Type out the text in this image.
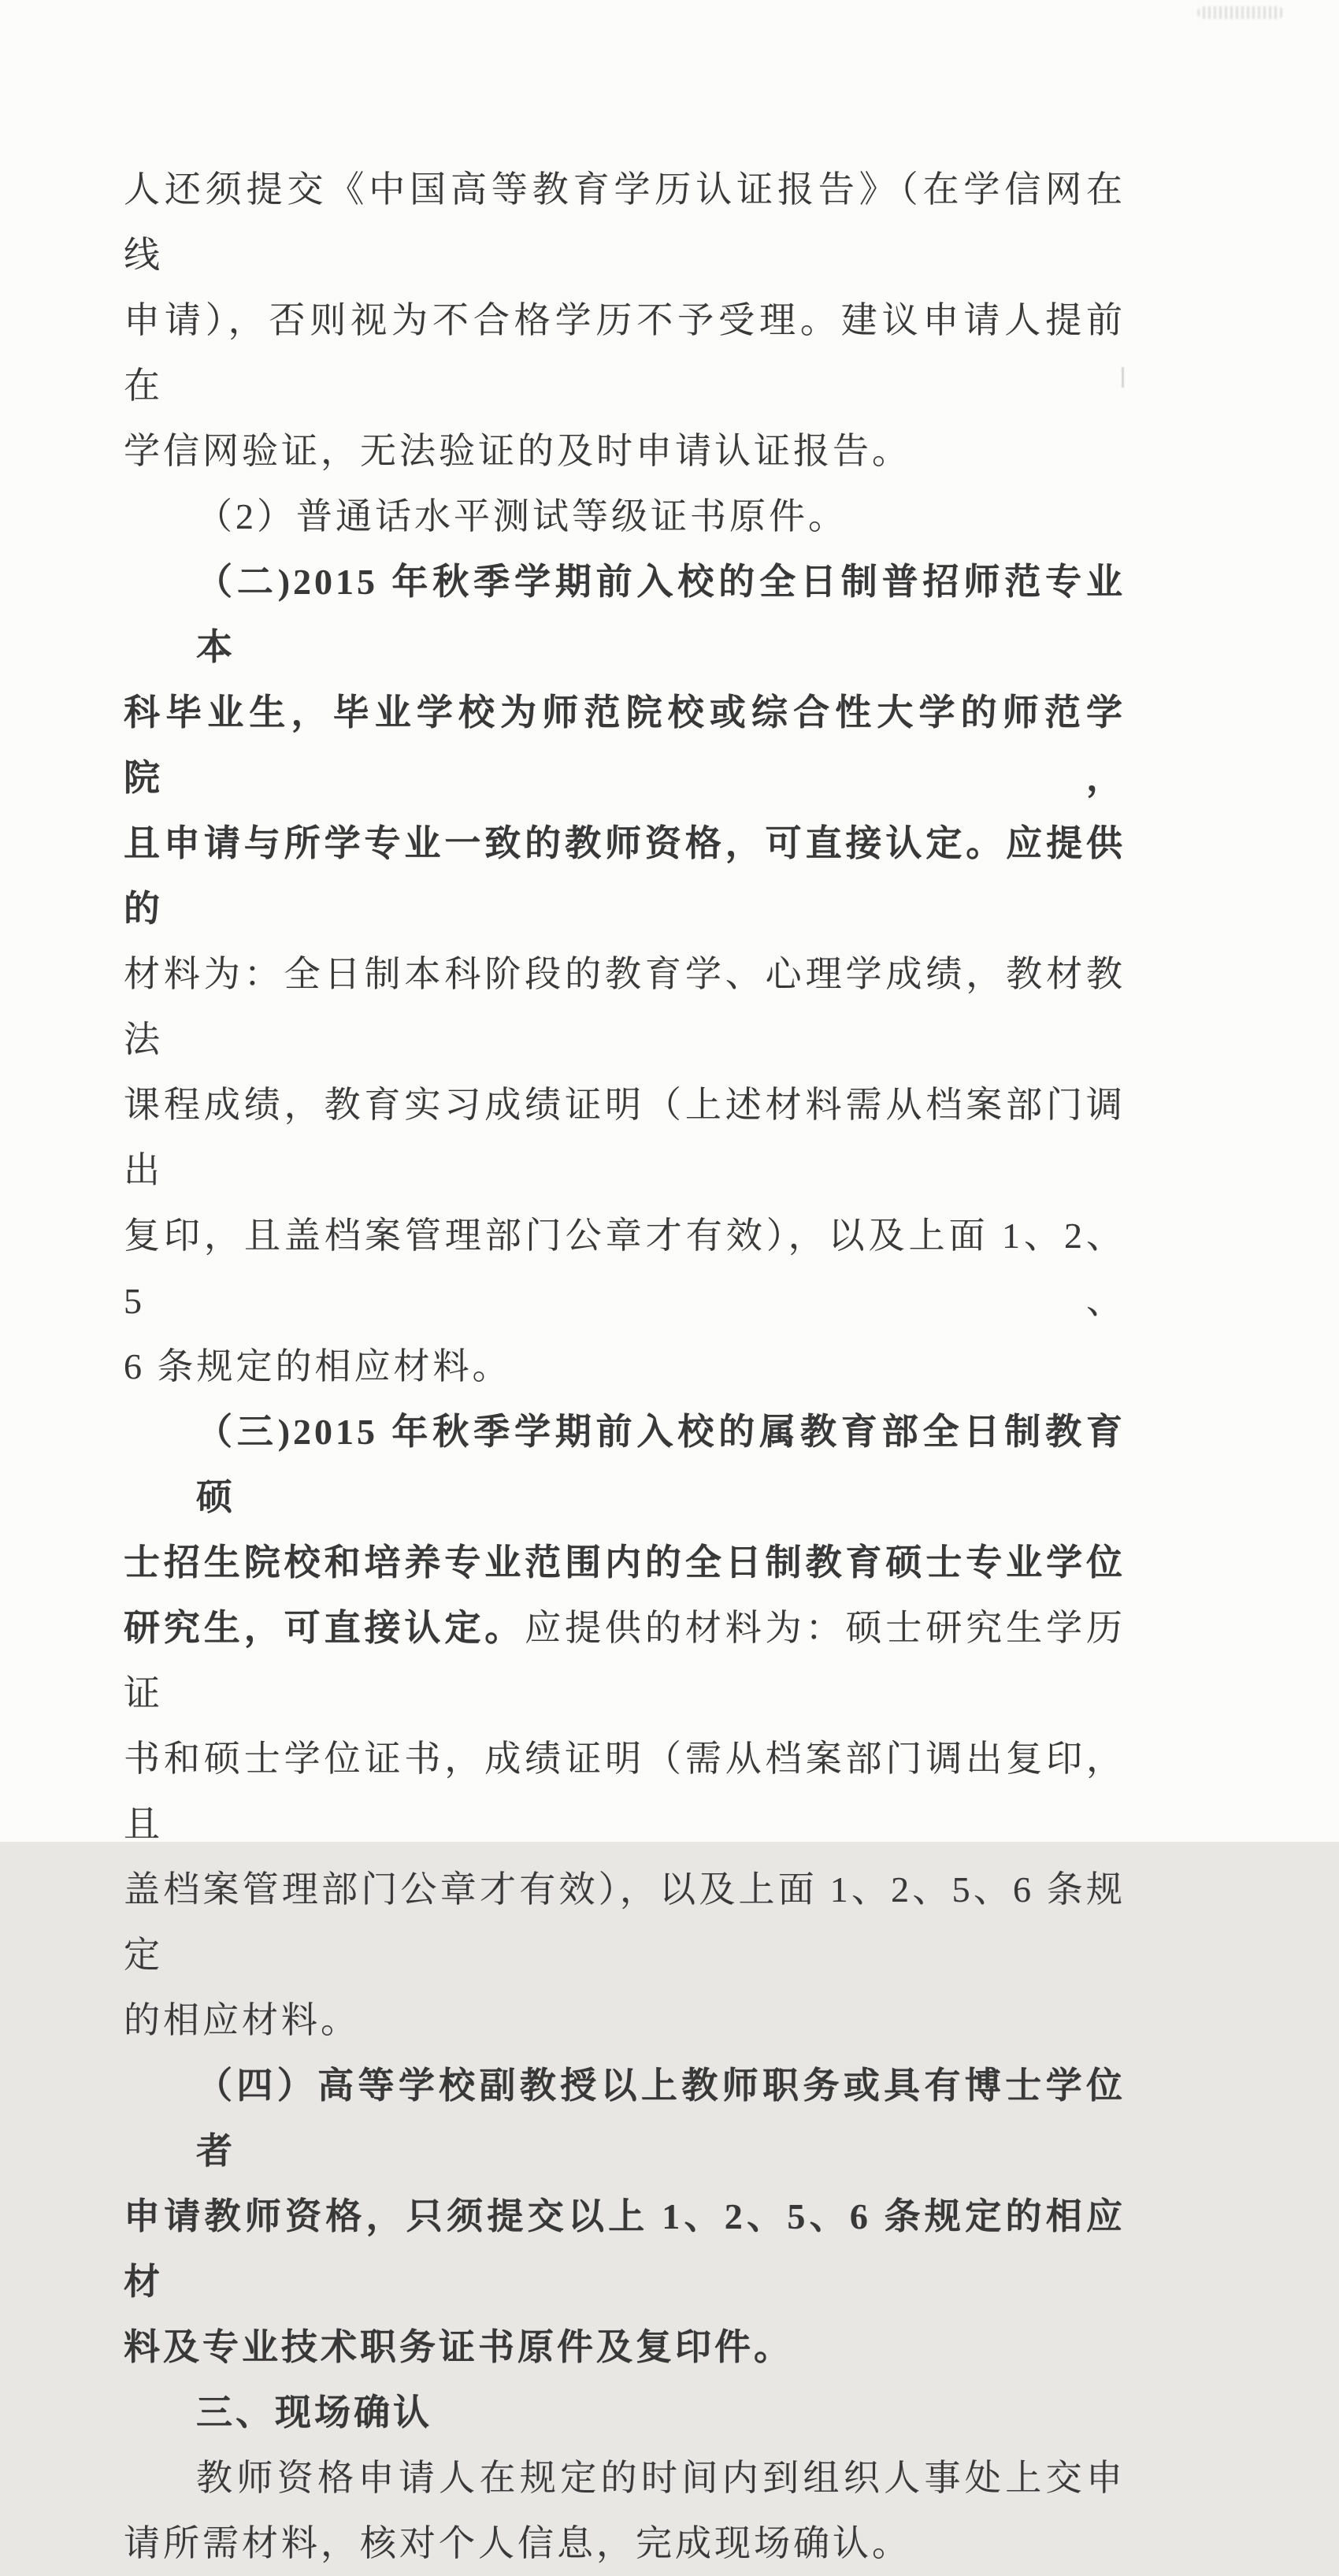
人还须提交《中国高等教育学历认证报告》（在学信网在线
申请），否则视为不合格学历不予受理。建议申请人提前在
学信网验证，无法验证的及时申请认证报告。
（2）普通话水平测试等级证书原件。
（二)2015 年秋季学期前入校的全日制普招师范专业本
科毕业生，毕业学校为师范院校或综合性大学的师范学院，
且申请与所学专业一致的教师资格，可直接认定。应提供的
材料为：全日制本科阶段的教育学、心理学成绩，教材教法
课程成绩，教育实习成绩证明（上述材料需从档案部门调出
复印，且盖档案管理部门公章才有效），以及上面 1、2、5、
6 条规定的相应材料。
（三)2015 年秋季学期前入校的属教育部全日制教育硕
士招生院校和培养专业范围内的全日制教育硕士专业学位
研究生，可直接认定。应提供的材料为：硕士研究生学历证
书和硕士学位证书，成绩证明（需从档案部门调出复印，且
盖档案管理部门公章才有效），以及上面 1、2、5、6 条规定
的相应材料。
（四）高等学校副教授以上教师职务或具有博士学位者
申请教师资格，只须提交以上 1、2、5、6 条规定的相应材
料及专业技术职务证书原件及复印件。
三、现场确认
教师资格申请人在规定的时间内到组织人事处上交申
请所需材料，核对个人信息，完成现场确认。
